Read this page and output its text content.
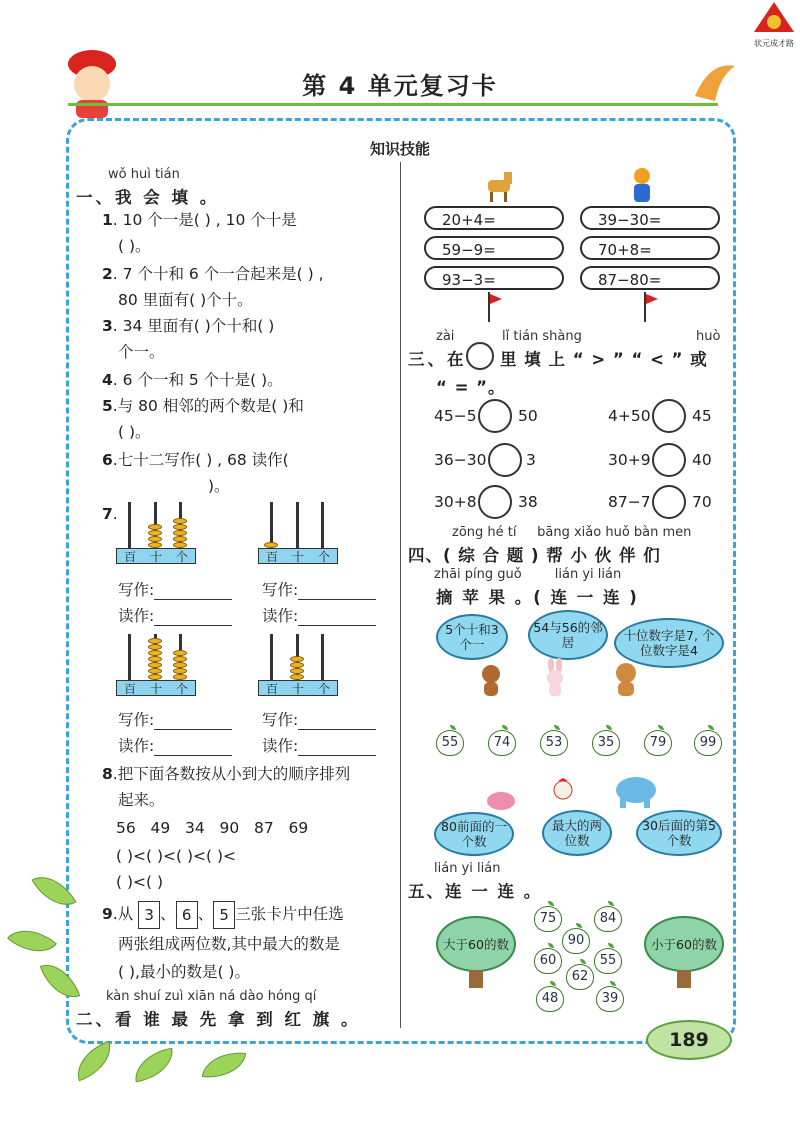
状元成才路
第 4 单元复习卡
知识技能
wǒ huì tián
一、我 会 填 。
1. 10 个一是( ) , 10 个十是
( )。
2. 7 个十和 6 个一合起来是( ) ,
80 里面有( )个十。
3. 34 里面有( )个十和( )
个一。
4. 6 个一和 5 个十是( )。
5.与 80 相邻的两个数是( )和
( )。
6.七十二写作( ) , 68 读作(
)。
7.
百 十 个	百 十 个
写作:
读作:
写作:
读作:
百 十 个	百 十 个
写作:
读作:
写作:
读作:
8.把下面各数按从小到大的顺序排列
起来。
56   49   34   90   87   69
( )<( )<( )<( )<
( )<( )
9.从 3 、 6 、 5 三张卡片中任选
两张组成两位数,其中最大的数是
( ),最小的数是( )。
kàn shuí zuì xiān ná dào hóng qí
二、看 谁 最 先 拿 到 红 旗 。
20+4=
59−9=
93−3=
39−30=
70+8=
87−80=
zài	lǐ tián shàng	huò
三、在 里 填 上 “ > ” “ < ” 或
“ = ”。
45−5	50	4+50	45
36−30	3	30+9	40
30+8	38	87−7	70
zōng hé tí     bāng xiǎo huǒ bàn men
四、( 综 合 题 ) 帮 小 伙 伴 们
zhāi píng guǒ        lián yi lián
摘 苹 果 。( 连 一 连 )
5个十和3个一
54与56的邻居	十位数字是7, 个位数字是4
55	74	53	35	79	99
80前面的一个数
最大的两位数
30后面的第5个数
lián yi lián
五、连 一 连 。
大于60的数	小于60的数
75	84
90
60	55
62
48	39
189
